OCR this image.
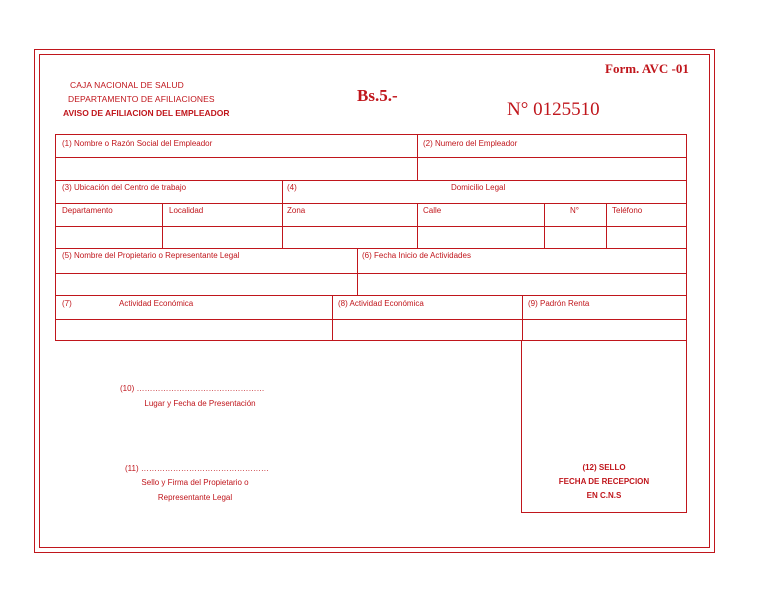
CAJA NACIONAL DE SALUD
DEPARTAMENTO DE AFILIACIONES
AVISO DE AFILIACION DEL EMPLEADOR
Bs.5.-
Form. AVC -01
N° 0125510
(1) Nombre o Razón Social del Empleador	(2) Numero del Empleador
(3) Ubicación del Centro de trabajo	(4)	Domicilio Legal
Departamento	Localidad	Zona	Calle	N°	Teléfono
(5) Nombre del Propietario o Representante Legal	(6) Fecha Inicio de Actividades
(7)	Actividad Económica	(8) Actividad Económica	(9) Padrón Renta
(12) SELLO
FECHA DE RECEPCION
EN C.N.S
(10) …………………………………………
Lugar y Fecha de Presentación
(11) …………………………………………
Sello y Firma del Propietario o
Representante Legal
